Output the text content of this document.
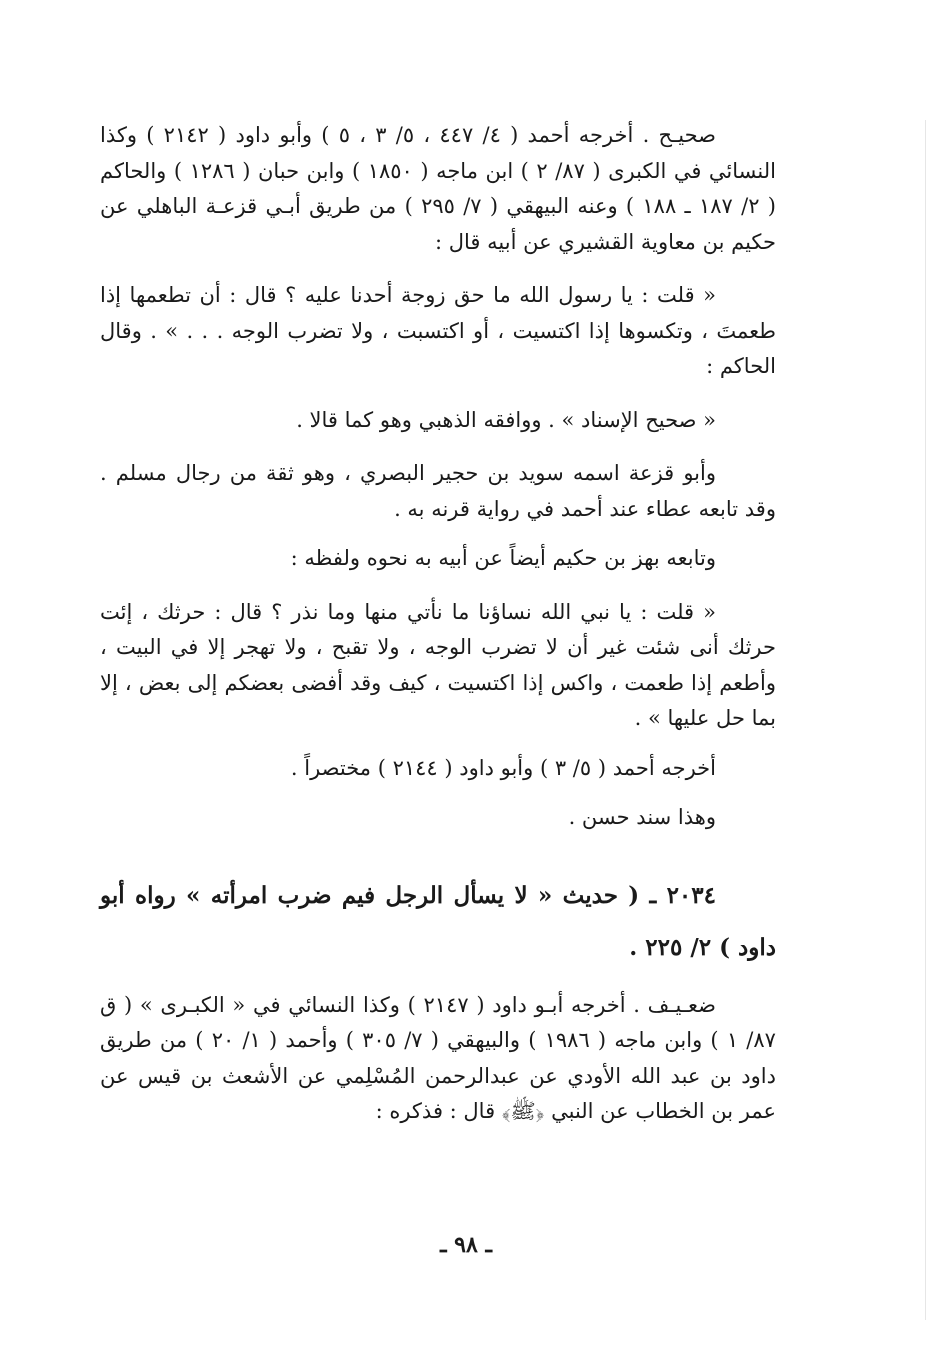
صحيـح . أخرجه أحمد ( ٤/ ٤٤٧ ، ٥/ ٣ ، ٥ ) وأبو داود ( ٢١٤٢ ) وكذا النسائي في الكبرى ( ٨٧/ ٢ ) ابن ماجه ( ١٨٥٠ ) وابن حبان ( ١٢٨٦ ) والحاكم ( ٢/ ١٨٧ ـ ١٨٨ ) وعنه البيهقي ( ٧/ ٢٩٥ ) من طريق أبـي قزعـة الباهلي عن حكيم بن معاوية القشيري عن أبيه قال :

« قلت : يا رسول الله ما حق زوجة أحدنا عليه ؟ قال : أن تطعمها إذا طعمتَ ، وتكسوها إذا اكتسيت ، أو اكتسبت ، ولا تضرب الوجه . . . » . وقال الحاكم :

« صحيح الإسناد » . ووافقه الذهبي وهو كما قالا .

وأبو قزعة اسمه سويد بن حجير البصري ، وهو ثقة من رجال مسلم . وقد تابعه عطاء عند أحمد في رواية قرنه به .

وتابعه بهز بن حكيم أيضاً عن أبيه به نحوه ولفظه :

« قلت : يا نبي الله نساؤنا ما نأتي منها وما نذر ؟ قال : حرثك ، إئت حرثك أنى شئت غير أن لا تضرب الوجه ، ولا تقبح ، ولا تهجر إلا في البيت ، وأطعم إذا طعمت ، واكس إذا اكتسيت ، كيف وقد أفضى بعضكم إلى بعض ، إلا بما حل عليها » .

أخرجه أحمد ( ٥/ ٣ ) وأبو داود ( ٢١٤٤ ) مختصراً .

وهذا سند حسن .

٢٠٣٤ ـ ( حديث « لا يسأل الرجل فيم ضرب امرأته » رواه أبو داود ) ٢/ ٢٢٥ .

ضعـيـف . أخرجه أبـو داود ( ٢١٤٧ ) وكذا النسائي في « الكبـرى » ( ق ٨٧/ ١ ) وابن ماجه ( ١٩٨٦ ) والبيهقي ( ٧/ ٣٠٥ ) وأحمد ( ١/ ٢٠ ) من طريق داود بن عبد الله الأودي عن عبدالرحمن المُسْلِمي عن الأشعث بن قيس عن عمر بن الخطاب عن النبي ﴿ﷺ﴾ قال : فذكره :

ـ ٩٨ ـ
